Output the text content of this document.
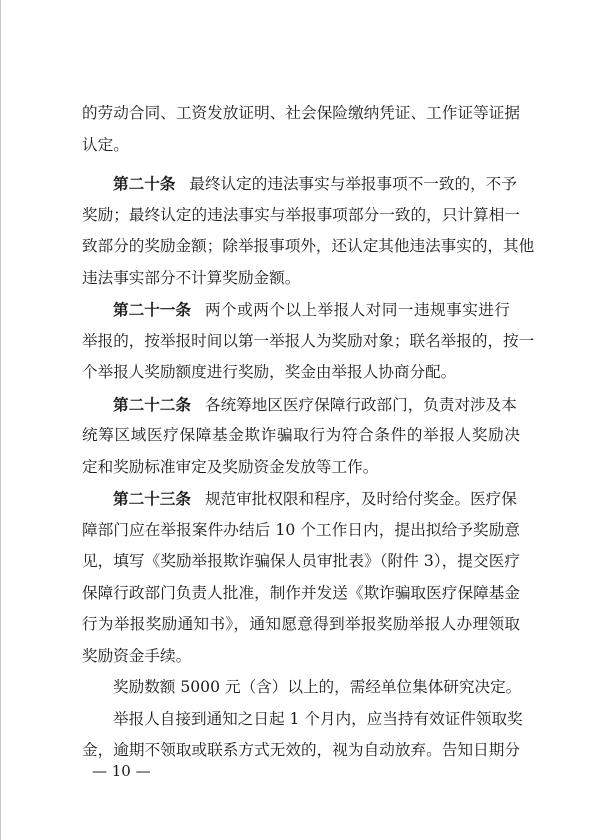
的劳动合同、工资发放证明、社会保险缴纳凭证、工作证等证据
认定。
第二十条 最终认定的违法事实与举报事项不一致的，不予
奖励；最终认定的违法事实与举报事项部分一致的，只计算相一
致部分的奖励金额；除举报事项外，还认定其他违法事实的，其他
违法事实部分不计算奖励金额。
第二十一条 两个或两个以上举报人对同一违规事实进行
举报的，按举报时间以第一举报人为奖励对象；联名举报的，按一
个举报人奖励额度进行奖励，奖金由举报人协商分配。
第二十二条 各统筹地区医疗保障行政部门，负责对涉及本
统筹区域医疗保障基金欺诈骗取行为符合条件的举报人奖励决
定和奖励标准审定及奖励资金发放等工作。
第二十三条 规范审批权限和程序，及时给付奖金。医疗保
障部门应在举报案件办结后 10 个工作日内，提出拟给予奖励意
见，填写《奖励举报欺诈骗保人员审批表》（附件 3），提交医疗
保障行政部门负责人批准，制作并发送《欺诈骗取医疗保障基金
行为举报奖励通知书》，通知愿意得到举报奖励举报人办理领取
奖励资金手续。
奖励数额 5000 元（含）以上的，需经单位集体研究决定。
举报人自接到通知之日起 1 个月内，应当持有效证件领取奖
金，逾期不领取或联系方式无效的，视为自动放弃。告知日期分
— 10 —
